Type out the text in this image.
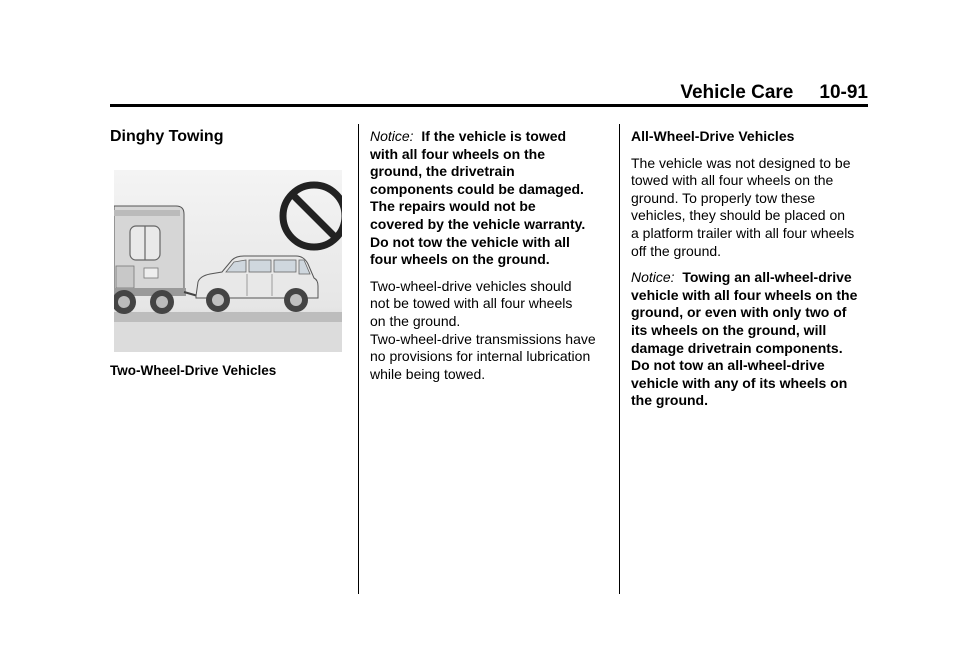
Vehicle Care 10-91
Dinghy Towing
Two-Wheel-Drive Vehicles
Notice: If the vehicle is towed
with all four wheels on the
ground, the drivetrain
components could be damaged.
The repairs would not be
covered by the vehicle warranty.
Do not tow the vehicle with all
four wheels on the ground.
Two-wheel-drive vehicles should
not be towed with all four wheels
on the ground.
Two-wheel-drive transmissions have
no provisions for internal lubrication
while being towed.
All-Wheel-Drive Vehicles
The vehicle was not designed to be
towed with all four wheels on the
ground. To properly tow these
vehicles, they should be placed on
a platform trailer with all four wheels
off the ground.
Notice: Towing an all-wheel-drive
vehicle with all four wheels on the
ground, or even with only two of
its wheels on the ground, will
damage drivetrain components.
Do not tow an all-wheel-drive
vehicle with any of its wheels on
the ground.
